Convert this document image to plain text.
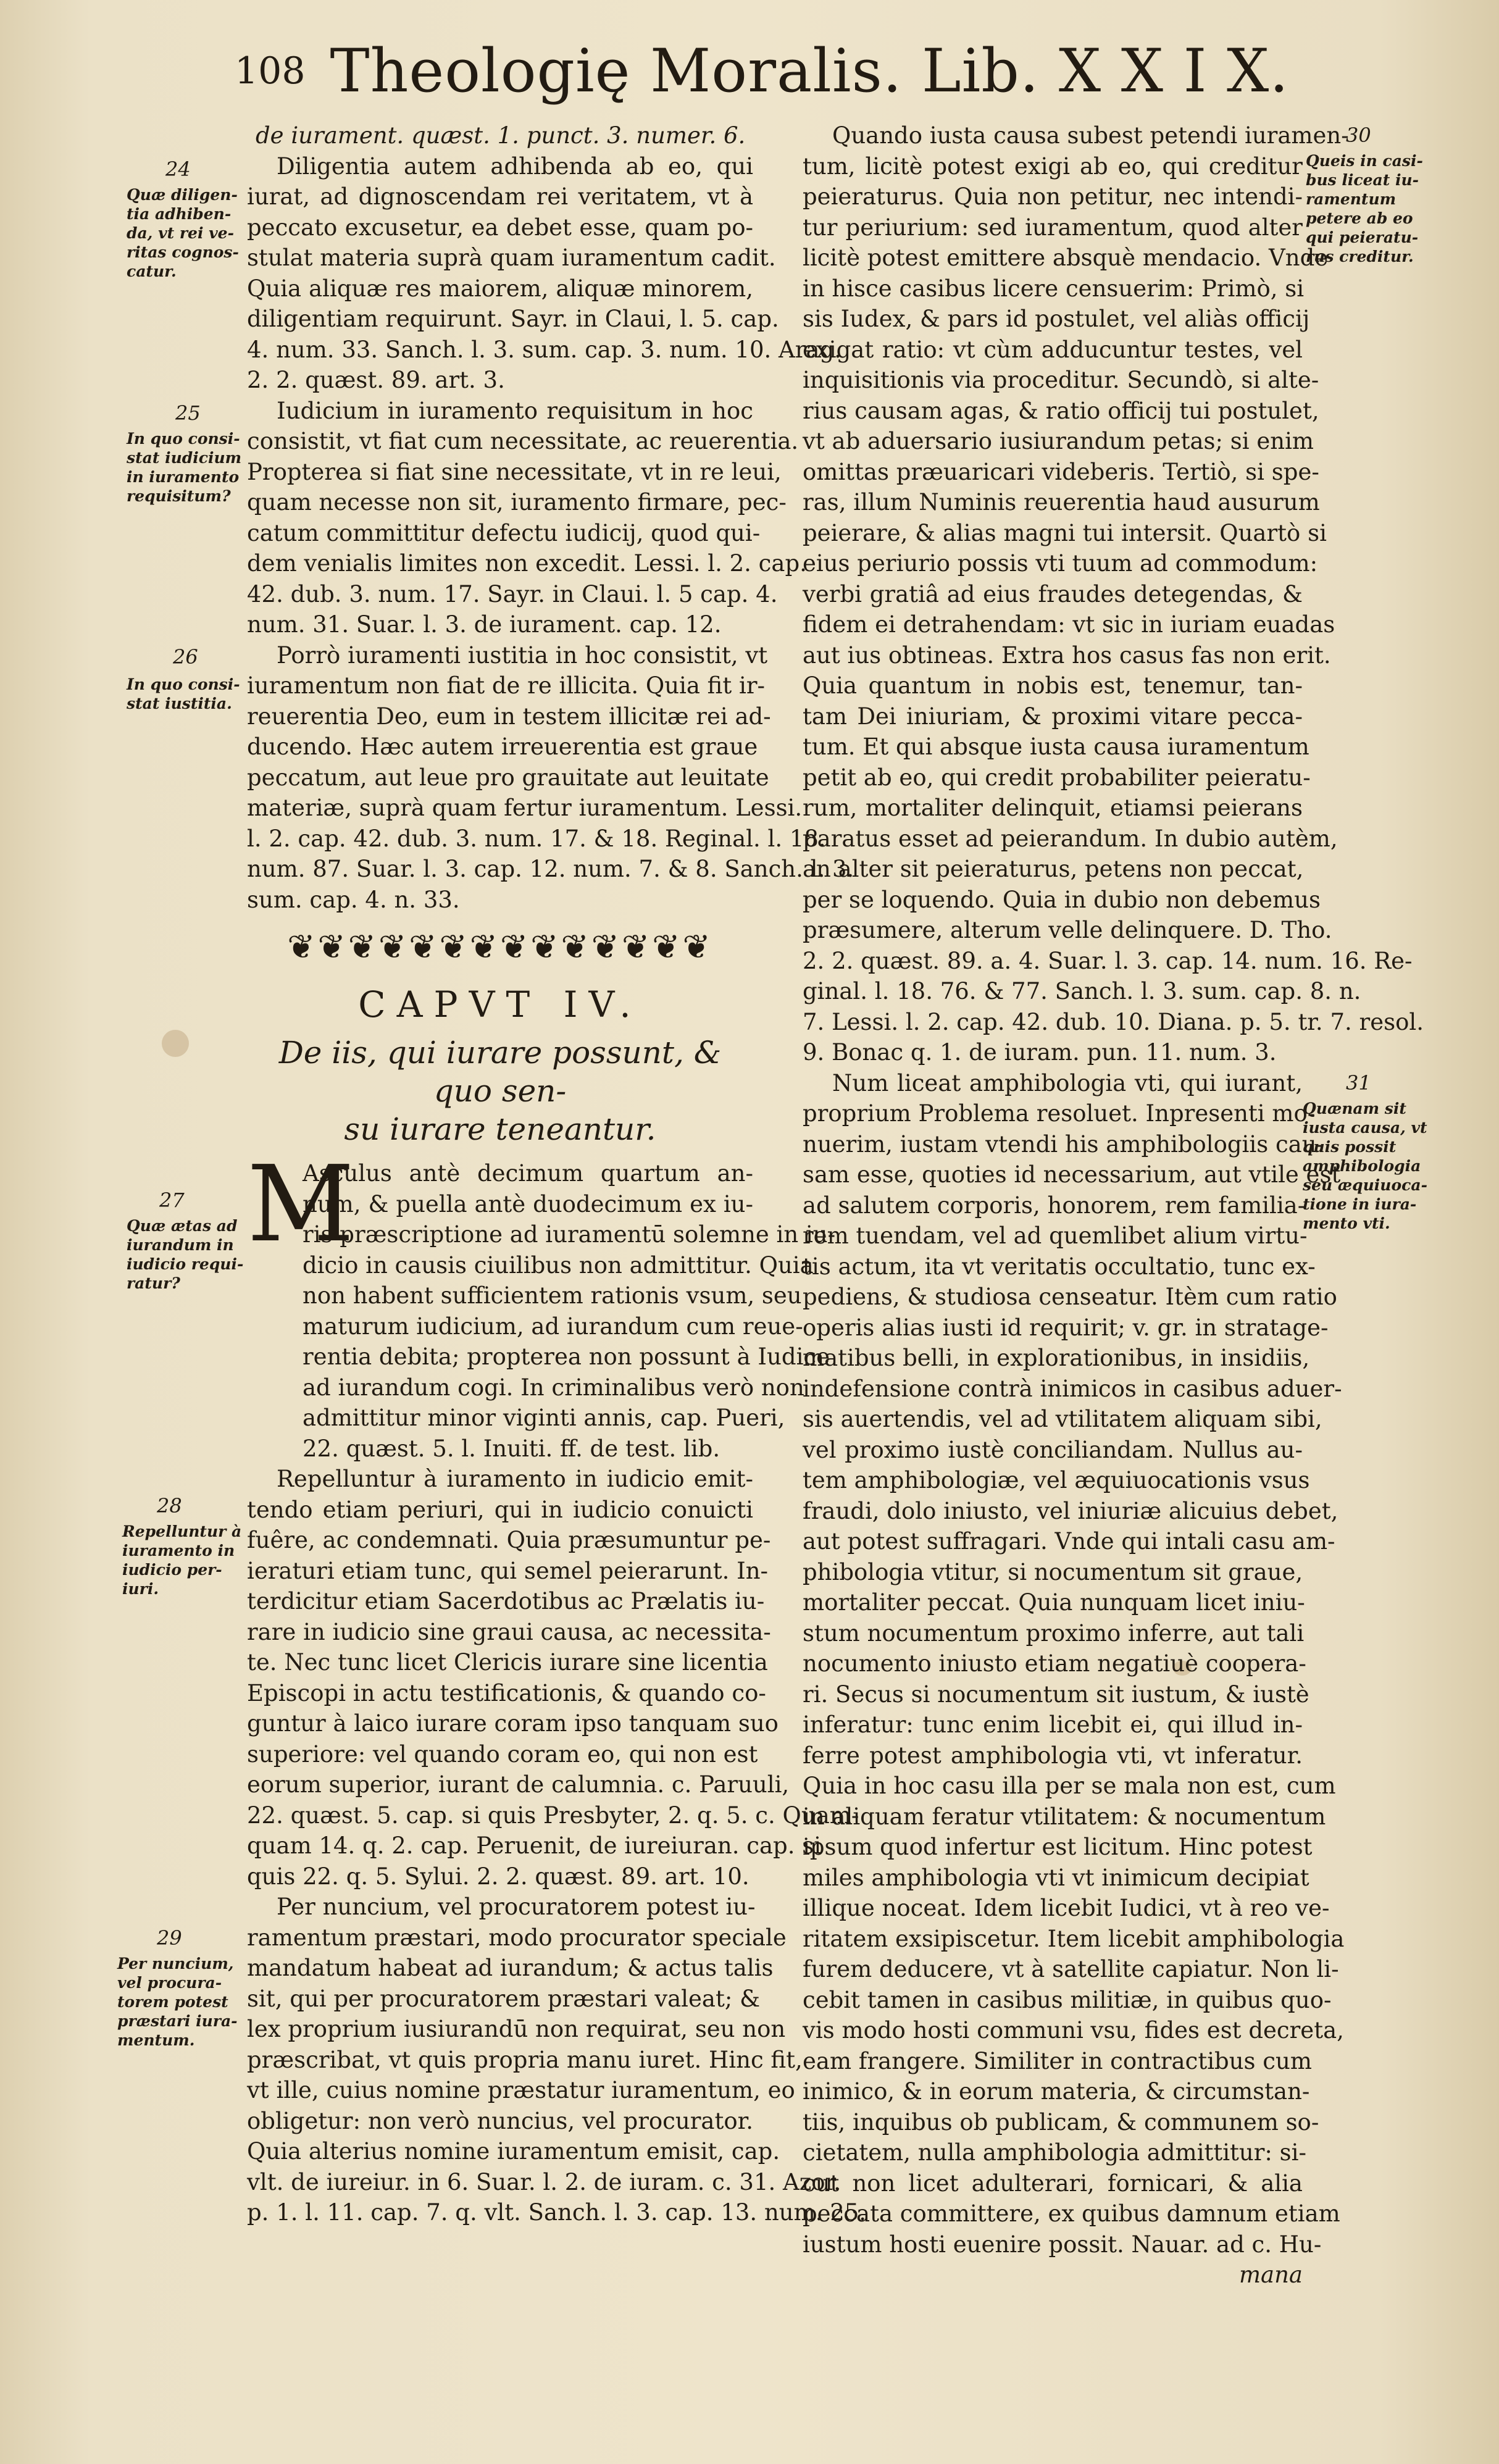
108 Theologię Moralis. Lib. X X I X.
24
Quæ diligen-tia adhiben-da, vt rei ve-ritas cognos-catur.
25
In quo consi-stat iudicium in iuramento requisitum?
26
In quo consi-stat iustitia.
27
Quæ ætas ad iurandum in iudicio requi-ratur?
28
Repelluntur à iuramento in iudicio per-iuri.
29
Per nuncium, vel procura-torem potest præstari iura-mentum.
30
Queis in casi-bus liceat iu-ramentum petere ab eo qui peieratu-rus creditur.
31
Quænam sit iusta causa, vt quis possit amphibologia seu æquiuoca-tione in iura-mento vti.
de iurament. quæst. 1. punct. 3. numer. 6.
Diligentia autem adhibenda ab eo, qui
iurat, ad dignoscendam rei veritatem, vt à
peccato excusetur, ea debet esse, quam po-
stulat materia suprà quam iuramentum cadit.
Quia aliquæ res maiorem, aliquæ minorem,
diligentiam requirunt. Sayr. in Claui, l. 5. cap.
4. num. 33. Sanch. l. 3. sum. cap. 3. num. 10. Arag.
2. 2. quæst. 89. art. 3.
Iudicium in iuramento requisitum in hoc
consistit, vt fiat cum necessitate, ac reuerentia.
Propterea si fiat sine necessitate, vt in re leui,
quam necesse non sit, iuramento firmare, pec-
catum committitur defectu iudicij, quod qui-
dem venialis limites non excedit. Lessi. l. 2. cap.
42. dub. 3. num. 17. Sayr. in Claui. l. 5 cap. 4.
num. 31. Suar. l. 3. de iurament. cap. 12.
Porrò iuramenti iustitia in hoc consistit, vt
iuramentum non fiat de re illicita. Quia fit ir-
reuerentia Deo, eum in testem illicitæ rei ad-
ducendo. Hæc autem irreuerentia est graue
peccatum, aut leue pro grauitate aut leuitate
materiæ, suprà quam fertur iuramentum. Lessi.
l. 2. cap. 42. dub. 3. num. 17. & 18. Reginal. l. 18.
num. 87. Suar. l. 3. cap. 12. num. 7. & 8. Sanch. l. 3.
sum. cap. 4. n. 33.
❦❦❦❦❦❦❦❦❦❦❦❦❦❦
CAPVT IV.
De iis, qui iurare possunt, & quo sen-
su iurare teneantur.
M
Asculus antè decimum quartum an-
num, & puella antè duodecimum ex iu-
ris præscriptione ad iuramentū solemne in iu-
dicio in causis ciuilibus non admittitur. Quia
non habent sufficientem rationis vsum, seu
maturum iudicium, ad iurandum cum reue-
rentia debita; propterea non possunt à Iudice
ad iurandum cogi. In criminalibus verò non
admittitur minor viginti annis, cap. Pueri,
22. quæst. 5. l. Inuiti. ff. de test. lib.
Repelluntur à iuramento in iudicio emit-
tendo etiam periuri, qui in iudicio conuicti
fuêre, ac condemnati. Quia præsumuntur pe-
ieraturi etiam tunc, qui semel peierarunt. In-
terdicitur etiam Sacerdotibus ac Prælatis iu-
rare in iudicio sine graui causa, ac necessita-
te. Nec tunc licet Clericis iurare sine licentia
Episcopi in actu testificationis, & quando co-
guntur à laico iurare coram ipso tanquam suo
superiore: vel quando coram eo, qui non est
eorum superior, iurant de calumnia. c. Paruuli,
22. quæst. 5. cap. si quis Presbyter, 2. q. 5. c. Quam-
quam 14. q. 2. cap. Peruenit, de iureiuran. cap. si
quis 22. q. 5. Sylui. 2. 2. quæst. 89. art. 10.
Per nuncium, vel procuratorem potest iu-
ramentum præstari, modo procurator speciale
mandatum habeat ad iurandum; & actus talis
sit, qui per procuratorem præstari valeat; &
lex proprium iusiurandū non requirat, seu non
præscribat, vt quis propria manu iuret. Hinc fit,
vt ille, cuius nomine præstatur iuramentum, eo
obligetur: non verò nuncius, vel procurator.
Quia alterius nomine iuramentum emisit, cap.
vlt. de iureiur. in 6. Suar. l. 2. de iuram. c. 31. Azor.
p. 1. l. 11. cap. 7. q. vlt. Sanch. l. 3. cap. 13. num. 25.
Quando iusta causa subest petendi iuramen-
tum, licitè potest exigi ab eo, qui creditur
peieraturus. Quia non petitur, nec intendi-
tur periurium: sed iuramentum, quod alter
licitè potest emittere absquè mendacio. Vnde
in hisce casibus licere censuerim: Primò, si
sis Iudex, & pars id postulet, vel aliàs officij
exigat ratio: vt cùm adducuntur testes, vel
inquisitionis via proceditur. Secundò, si alte-
rius causam agas, & ratio officij tui postulet,
vt ab aduersario iusiurandum petas; si enim
omittas præuaricari videberis. Tertiò, si spe-
ras, illum Numinis reuerentia haud ausurum
peierare, & alias magni tui intersit. Quartò si
eius periurio possis vti tuum ad commodum:
verbi gratiâ ad eius fraudes detegendas, &
fidem ei detrahendam: vt sic in iuriam euadas
aut ius obtineas. Extra hos casus fas non erit.
Quia quantum in nobis est, tenemur, tan-
tam Dei iniuriam, & proximi vitare pecca-
tum. Et qui absque iusta causa iuramentum
petit ab eo, qui credit probabiliter peieratu-
rum, mortaliter delinquit, etiamsi peierans
paratus esset ad peierandum. In dubio autèm,
an alter sit peieraturus, petens non peccat,
per se loquendo. Quia in dubio non debemus
præsumere, alterum velle delinquere. D. Tho.
2. 2. quæst. 89. a. 4. Suar. l. 3. cap. 14. num. 16. Re-
ginal. l. 18. 76. & 77. Sanch. l. 3. sum. cap. 8. n.
7. Lessi. l. 2. cap. 42. dub. 10. Diana. p. 5. tr. 7. resol.
9. Bonac q. 1. de iuram. pun. 11. num. 3.
Num liceat amphibologia vti, qui iurant,
proprium Problema resoluet. Inpresenti mo-
nuerim, iustam vtendi his amphibologiis cau-
sam esse, quoties id necessarium, aut vtile est
ad salutem corporis, honorem, rem familia-
rem tuendam, vel ad quemlibet alium virtu-
tis actum, ita vt veritatis occultatio, tunc ex-
pediens, & studiosa censeatur. Itèm cum ratio
operis alias iusti id requirit; v. gr. in stratage-
matibus belli, in explorationibus, in insidiis,
indefensione contrà inimicos in casibus aduer-
sis auertendis, vel ad vtilitatem aliquam sibi,
vel proximo iustè conciliandam. Nullus au-
tem amphibologiæ, vel æquiuocationis vsus
fraudi, dolo iniusto, vel iniuriæ alicuius debet,
aut potest suffragari. Vnde qui intali casu am-
phibologia vtitur, si nocumentum sit graue,
mortaliter peccat. Quia nunquam licet iniu-
stum nocumentum proximo inferre, aut tali
nocumento iniusto etiam negatiuè coopera-
ri. Secus si nocumentum sit iustum, & iustè
inferatur: tunc enim licebit ei, qui illud in-
ferre potest amphibologia vti, vt inferatur.
Quia in hoc casu illa per se mala non est, cum
in aliquam feratur vtilitatem: & nocumentum
ipsum quod infertur est licitum. Hinc potest
miles amphibologia vti vt inimicum decipiat
illique noceat. Idem licebit Iudici, vt à reo ve-
ritatem exsipiscetur. Item licebit amphibologia
furem deducere, vt à satellite capiatur. Non li-
cebit tamen in casibus militiæ, in quibus quo-
vis modo hosti communi vsu, fides est decreta,
eam frangere. Similiter in contractibus cum
inimico, & in eorum materia, & circumstan-
tiis, inquibus ob publicam, & communem so-
cietatem, nulla amphibologia admittitur: si-
cut non licet adulterari, fornicari, & alia
peccata committere, ex quibus damnum etiam
iustum hosti euenire possit. Nauar. ad c. Hu-
mana
